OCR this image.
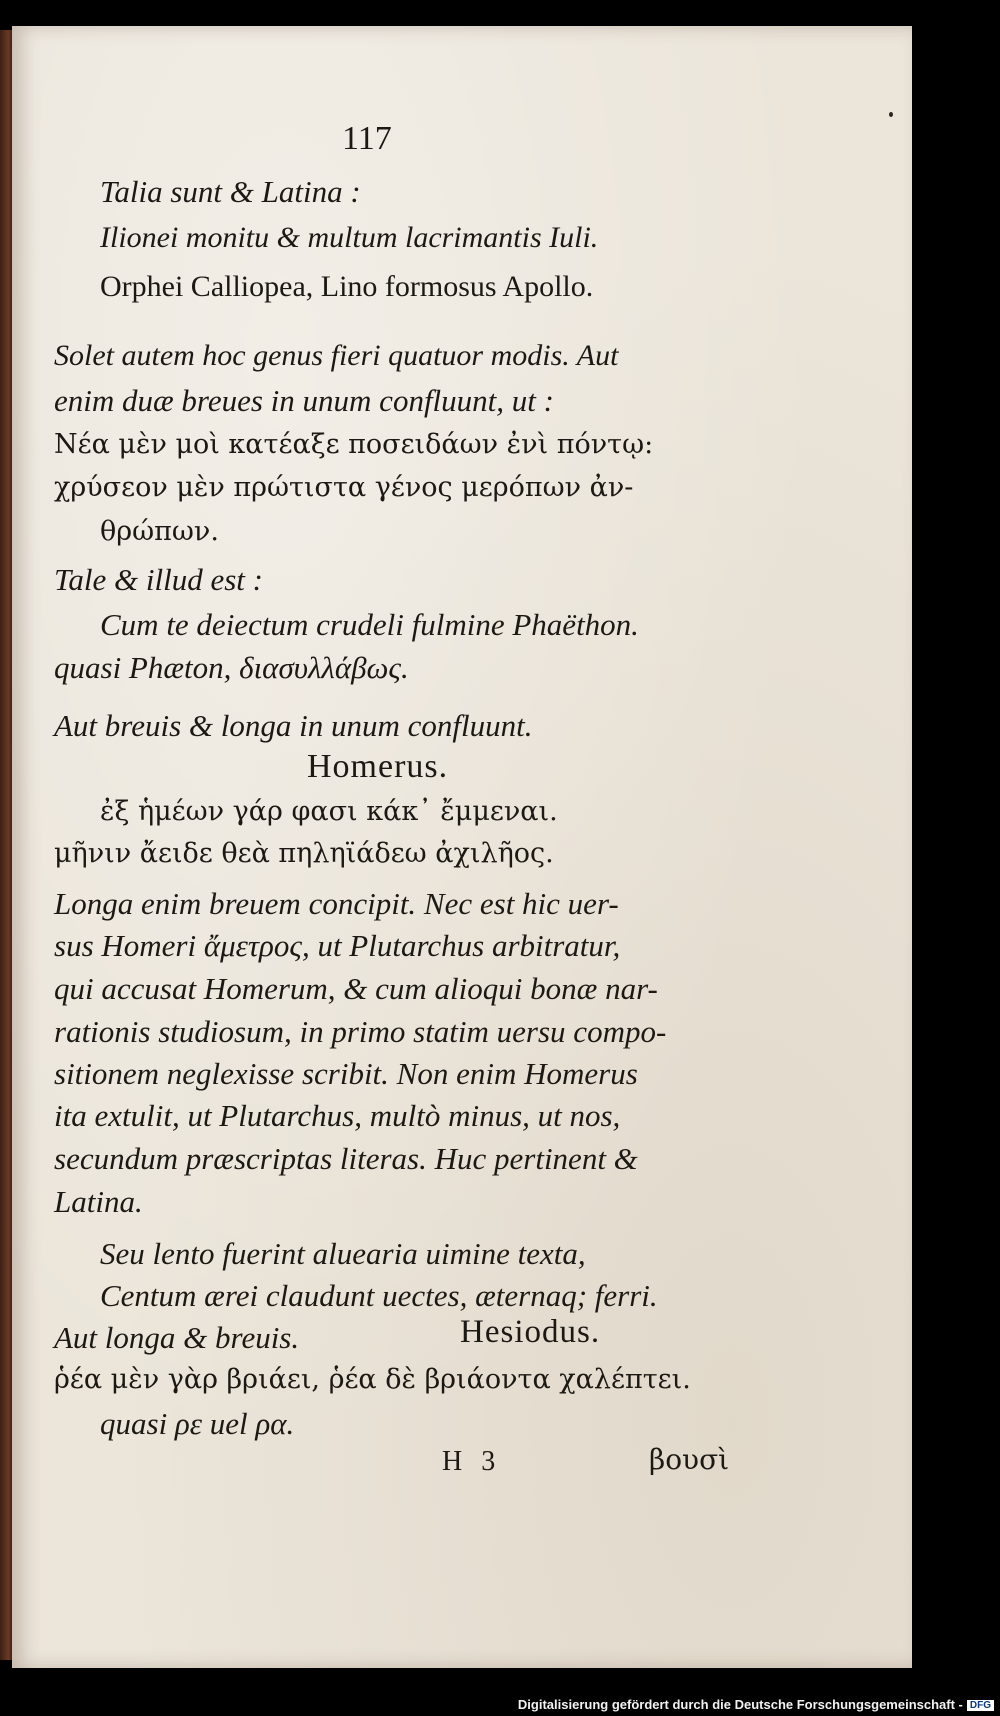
117
Talia sunt & Latina :
Ilionei monitu & multum lacrimantis Iuli.
Orphei Calliopea, Lino formosus Apollo.
Solet autem hoc genus fieri quatuor modis. Aut
enim duæ breues in unum confluunt, ut :
Νέα μὲν μοὶ κατέαξε ποσειδάων ἐνὶ πόντῳ:
χρύσεον μὲν πρώτιστα γένος μερόπων ἀν-
θρώπων.
Tale & illud est :
Cum te deiectum crudeli fulmine Phaëthon.
quasi Phæton, διασυλλάβως.
Aut breuis & longa in unum confluunt.
Homerus.
ἐξ ἡμέων γάρ φασι κάκ᾽ ἔμμεναι.
μῆνιν ἄειδε θεὰ πηληϊάδεω ἀχιλῆος.
Longa enim breuem concipit. Nec est hic uer-
sus Homeri ἄμετρος, ut Plutarchus arbitratur,
qui accusat Homerum, & cum alioqui bonæ nar-
rationis studiosum, in primo statim uersu compo-
sitionem neglexisse scribit. Non enim Homerus
ita extulit, ut Plutarchus, multò minus, ut nos,
secundum præscriptas literas. Huc pertinent &
Latina.
Seu lento fuerint aluearia uimine texta,
Centum ærei claudunt uectes, æternaq; ferri.
Aut longa & breuis.	Hesiodus.
ῥέα μὲν γὰρ βριάει, ῥέα δὲ βριάοντα χαλέπτει.
quasi ρε uel ρα.
H 3	βουσὶ
Digitalisierung gefördert durch die Deutsche Forschungsgemeinschaft - DFG
